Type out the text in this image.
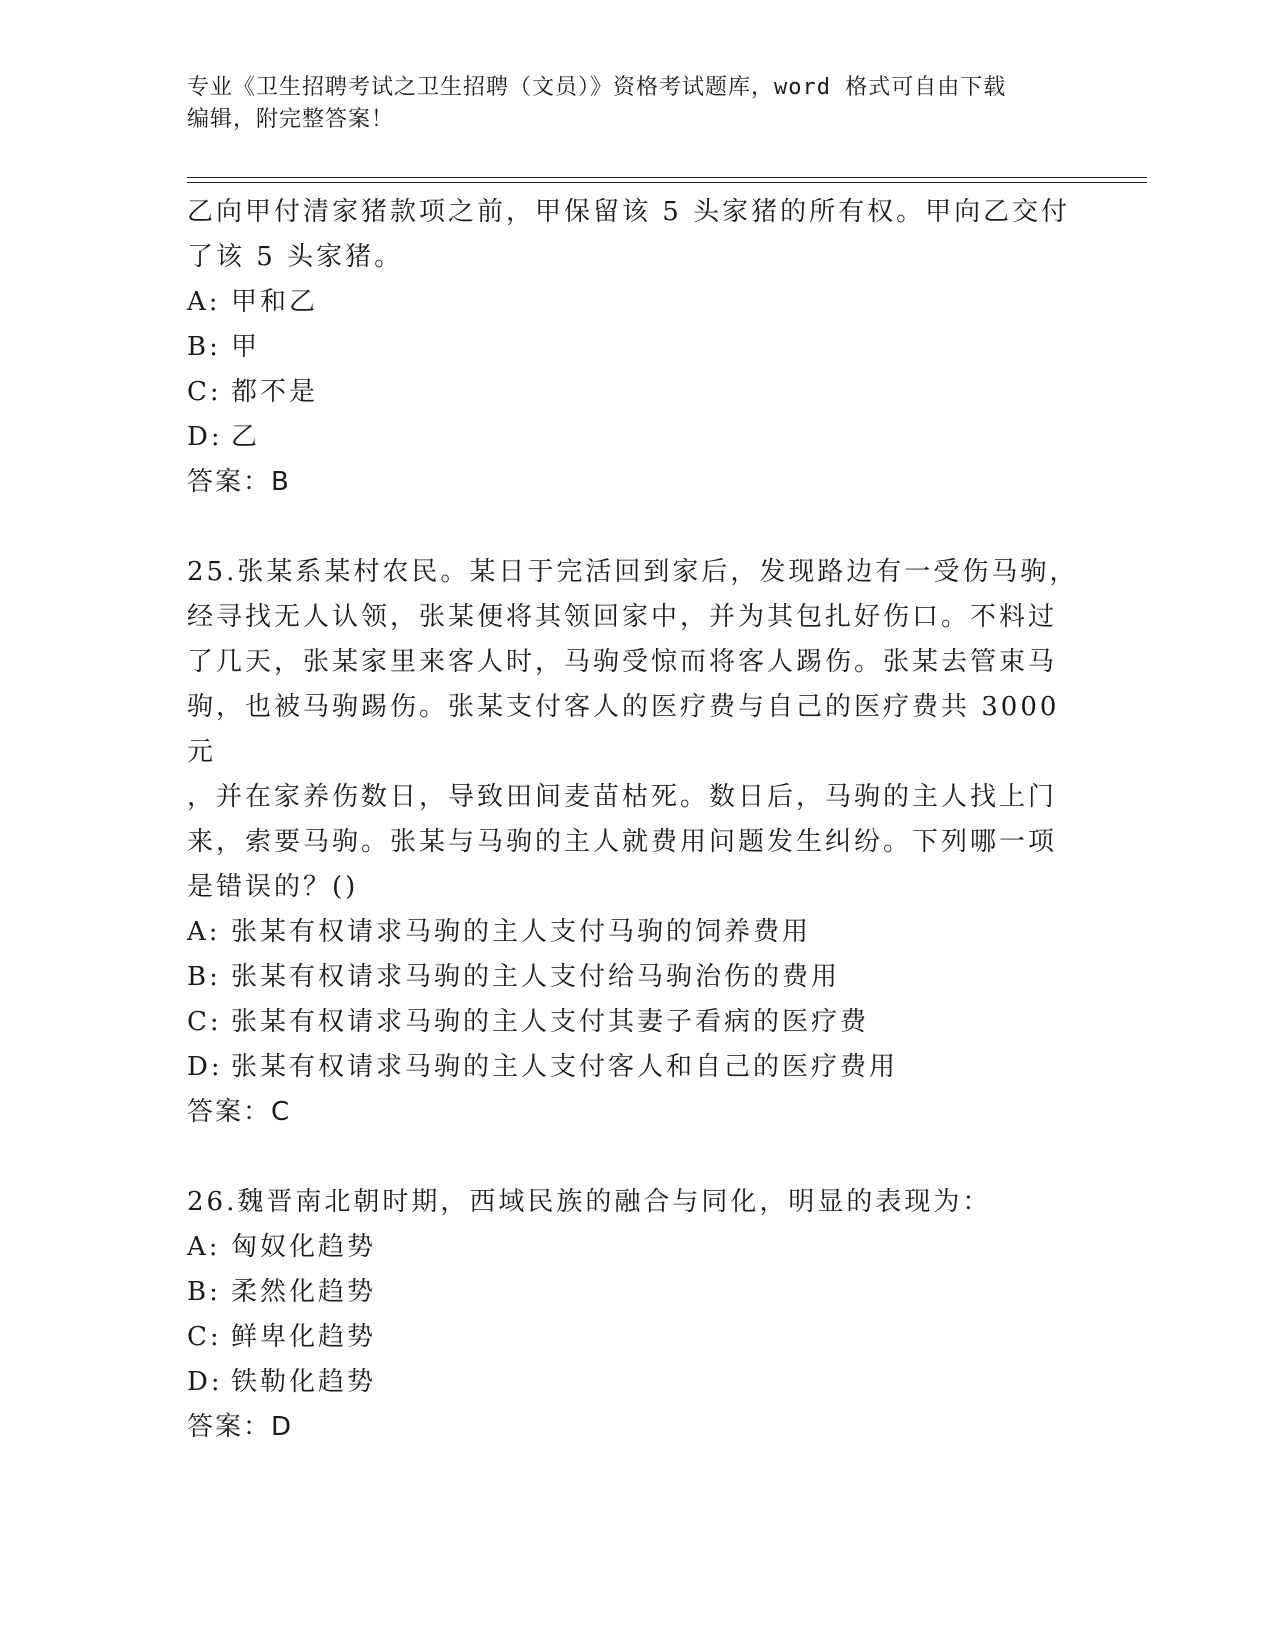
专业《卫生招聘考试之卫生招聘（文员）》资格考试题库，word 格式可自由下载
编辑，附完整答案！

乙向甲付清家猪款项之前，甲保留该 5 头家猪的所有权。甲向乙交付

了该 5 头家猪。

A: 甲和乙

B: 甲

C: 都不是

D: 乙

答案：B

25.张某系某村农民。某日于完活回到家后，发现路边有一受伤马驹，

经寻找无人认领，张某便将其领回家中，并为其包扎好伤口。不料过

了几天，张某家里来客人时，马驹受惊而将客人踢伤。张某去管束马

驹，也被马驹踢伤。张某支付客人的医疗费与自己的医疗费共 3000 元

，并在家养伤数日，导致田间麦苗枯死。数日后，马驹的主人找上门

来，索要马驹。张某与马驹的主人就费用问题发生纠纷。下列哪一项

是错误的？()

A: 张某有权请求马驹的主人支付马驹的饲养费用

B: 张某有权请求马驹的主人支付给马驹治伤的费用

C: 张某有权请求马驹的主人支付其妻子看病的医疗费

D: 张某有权请求马驹的主人支付客人和自己的医疗费用

答案：C

26.魏晋南北朝时期，西域民族的融合与同化，明显的表现为：

A: 匈奴化趋势

B: 柔然化趋势

C: 鲜卑化趋势

D: 铁勒化趋势

答案：D
